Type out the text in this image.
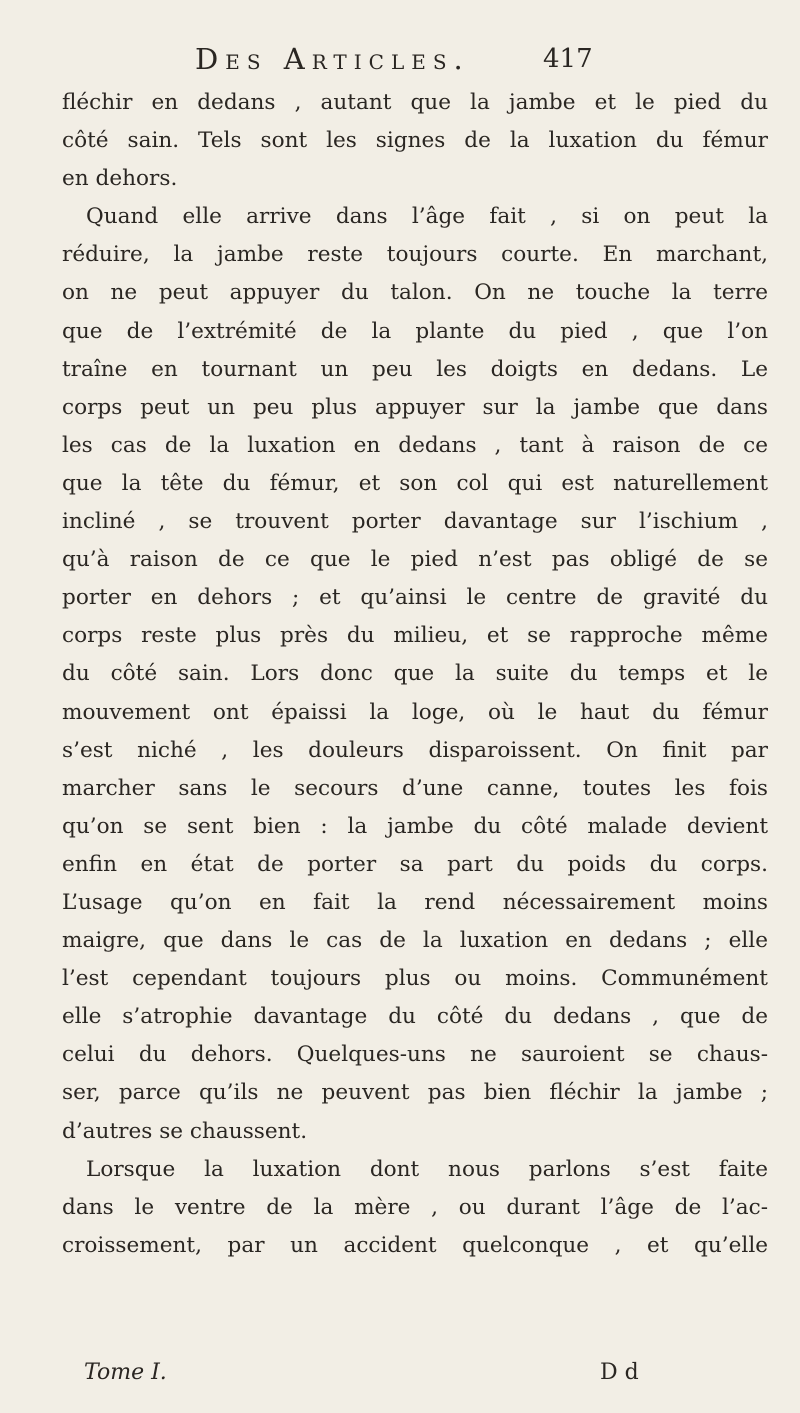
Des Articles.	417
fléchir en dedans , autant que la jambe et le pied du
côté sain. Tels sont les signes de la luxation du fémur
en dehors.
Quand elle arrive dans l’âge fait , si on peut la
réduire, la jambe reste toujours courte. En marchant,
on ne peut appuyer du talon. On ne touche la terre
que de l’extrémité de la plante du pied , que l’on
traîne en tournant un peu les doigts en dedans. Le
corps peut un peu plus appuyer sur la jambe que dans
les cas de la luxation en dedans , tant à raison de ce
que la tête du fémur, et son col qui est naturellement
incliné , se trouvent porter davantage sur l’ischium ,
qu’à raison de ce que le pied n’est pas obligé de se
porter en dehors ; et qu’ainsi le centre de gravité du
corps reste plus près du milieu, et se rapproche même
du côté sain. Lors donc que la suite du temps et le
mouvement ont épaissi la loge, où le haut du fémur
s’est niché , les douleurs disparoissent. On finit par
marcher sans le secours d’une canne, toutes les fois
qu’on se sent bien : la jambe du côté malade devient
enfin en état de porter sa part du poids du corps.
L’usage qu’on en fait la rend nécessairement moins
maigre, que dans le cas de la luxation en dedans ; elle
l’est cependant toujours plus ou moins. Communément
elle s’atrophie davantage du côté du dedans , que de
celui du dehors. Quelques-uns ne sauroient se chaus-
ser, parce qu’ils ne peuvent pas bien fléchir la jambe ;
d’autres se chaussent.
Lorsque la luxation dont nous parlons s’est faite
dans le ventre de la mère , ou durant l’âge de l’ac-
croissement, par un accident quelconque , et qu’elle
Tome I.	D d
